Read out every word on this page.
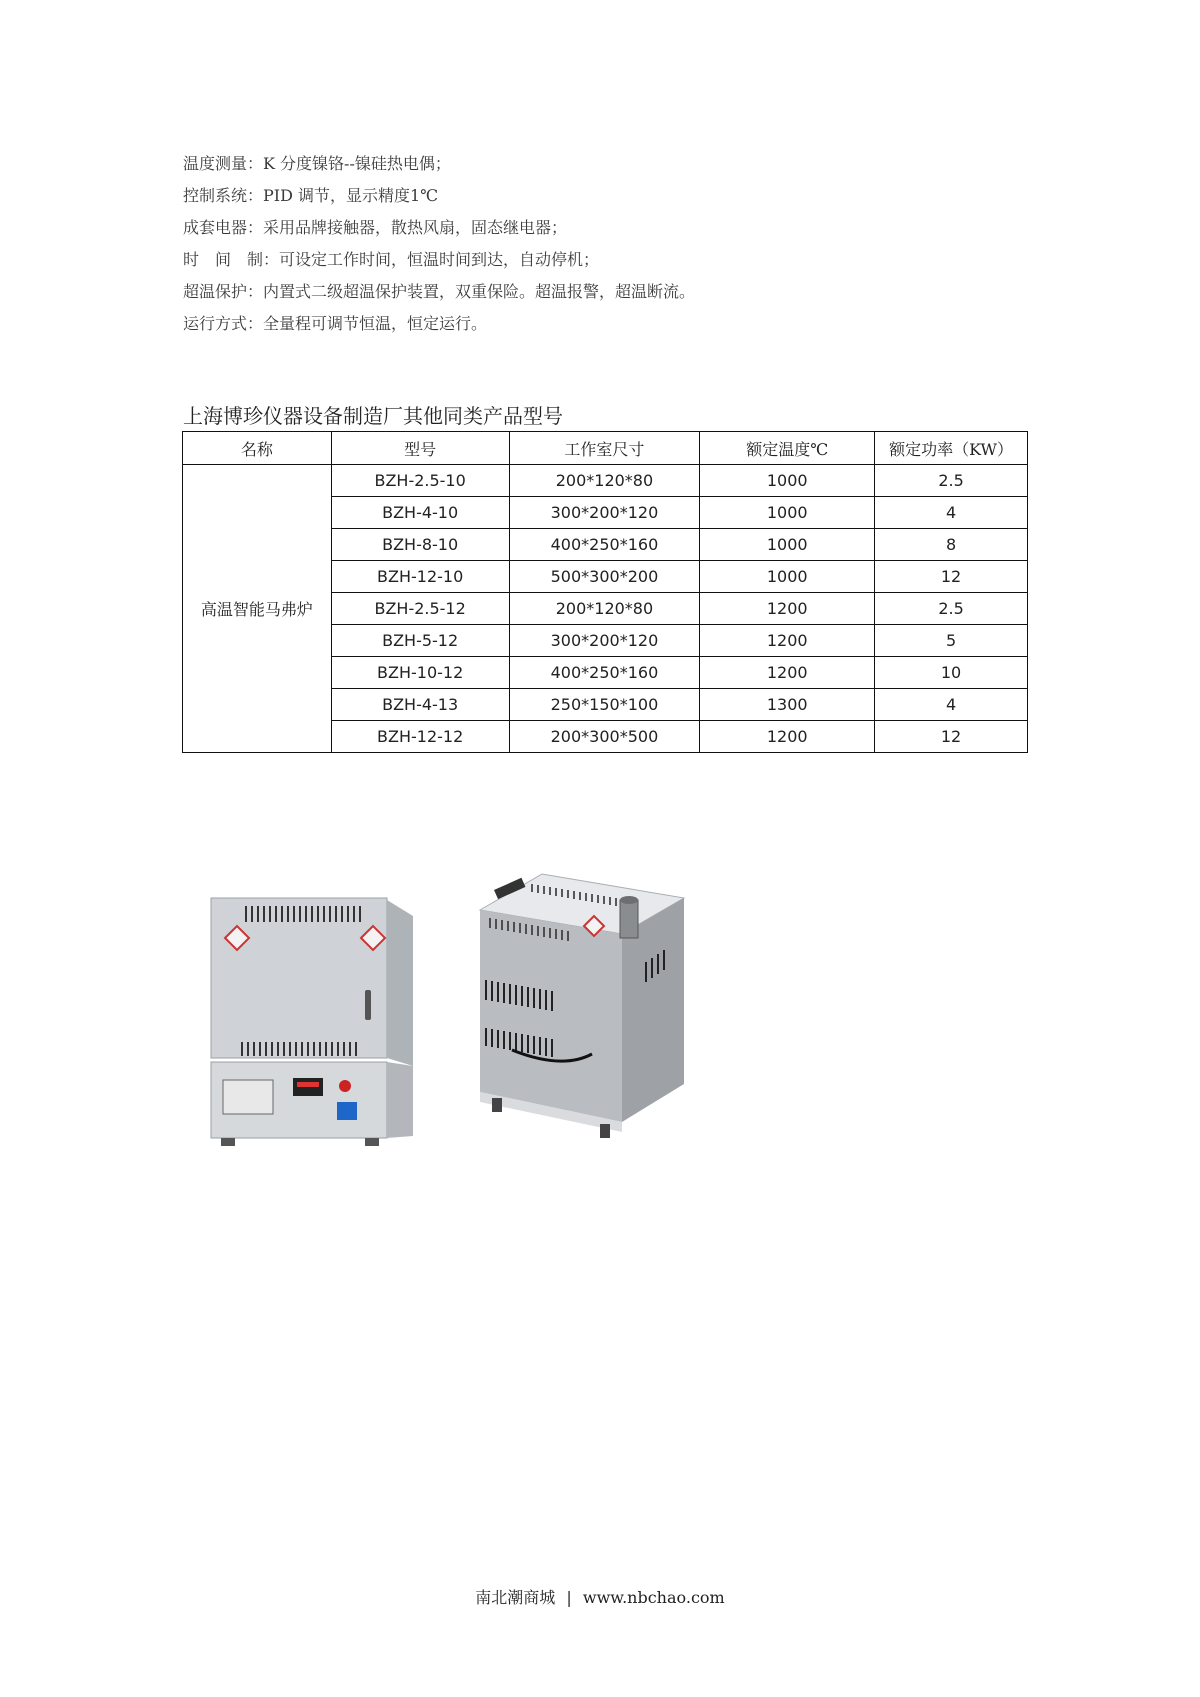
温度测量：K 分度镍铬--镍硅热电偶；
控制系统：PID 调节，显示精度1℃
成套电器：采用品牌接触器，散热风扇，固态继电器；
时　间　制：可设定工作时间，恒温时间到达，自动停机；
超温保护：内置式二级超温保护装置，双重保险。超温报警，超温断流。
运行方式：全量程可调节恒温，恒定运行。
上海博珍仪器设备制造厂其他同类产品型号
名称	型号	工作室尺寸	额定温度℃	额定功率（KW）
高温智能马弗炉	BZH-2.5-10	200*120*80	1000	2.5
	BZH-4-10	300*200*120	1000	4
	BZH-8-10	400*250*160	1000	8
	BZH-12-10	500*300*200	1000	12
	BZH-2.5-12	200*120*80	1200	2.5
	BZH-5-12	300*200*120	1200	5
	BZH-10-12	400*250*160	1200	10
	BZH-4-13	250*150*100	1300	4
	BZH-12-12	200*300*500	1200	12
南北潮商城 | www.nbchao.com
